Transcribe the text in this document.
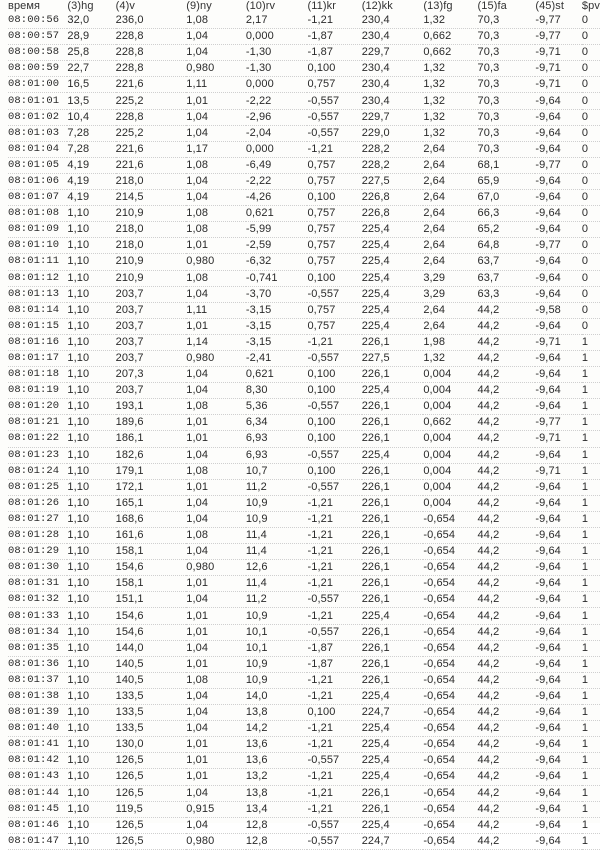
время	(3)hg	(4)v	(9)ny	(10)rv	(11)kr	(12)kk	(13)fg	(15)fa	(45)st	$pv
08:00:56	32,0	236,0	1,08	2,17	-1,21	230,4	1,32	70,3	-9,77	0
08:00:57	28,9	228,8	1,04	0,000	-1,87	230,4	0,662	70,3	-9,77	0
08:00:58	25,8	228,8	1,04	-1,30	-1,87	229,7	0,662	70,3	-9,71	0
08:00:59	22,7	228,8	0,980	-1,30	0,100	230,4	1,32	70,3	-9,71	0
08:01:00	16,5	221,6	1,11	0,000	0,757	230,4	1,32	70,3	-9,71	0
08:01:01	13,5	225,2	1,01	-2,22	-0,557	230,4	1,32	70,3	-9,64	0
08:01:02	10,4	228,8	1,04	-2,96	-0,557	229,7	1,32	70,3	-9,64	0
08:01:03	7,28	225,2	1,04	-2,04	-0,557	229,0	1,32	70,3	-9,64	0
08:01:04	7,28	221,6	1,17	0,000	-1,21	228,2	2,64	70,3	-9,64	0
08:01:05	4,19	221,6	1,08	-6,49	0,757	228,2	2,64	68,1	-9,77	0
08:01:06	4,19	218,0	1,04	-2,22	0,757	227,5	2,64	65,9	-9,64	0
08:01:07	4,19	214,5	1,04	-4,26	0,100	226,8	2,64	67,0	-9,64	0
08:01:08	1,10	210,9	1,08	0,621	0,757	226,8	2,64	66,3	-9,64	0
08:01:09	1,10	218,0	1,08	-5,99	0,757	225,4	2,64	65,2	-9,64	0
08:01:10	1,10	218,0	1,01	-2,59	0,757	225,4	2,64	64,8	-9,77	0
08:01:11	1,10	210,9	0,980	-6,32	0,757	225,4	2,64	63,7	-9,64	0
08:01:12	1,10	210,9	1,08	-0,741	0,100	225,4	3,29	63,7	-9,64	0
08:01:13	1,10	203,7	1,04	-3,70	-0,557	225,4	3,29	63,3	-9,64	0
08:01:14	1,10	203,7	1,11	-3,15	0,757	225,4	2,64	44,2	-9,58	0
08:01:15	1,10	203,7	1,01	-3,15	0,757	225,4	2,64	44,2	-9,64	0
08:01:16	1,10	203,7	1,14	-3,15	-1,21	226,1	1,98	44,2	-9,71	1
08:01:17	1,10	203,7	0,980	-2,41	-0,557	227,5	1,32	44,2	-9,64	1
08:01:18	1,10	207,3	1,04	0,621	0,100	226,1	0,004	44,2	-9,64	1
08:01:19	1,10	203,7	1,04	8,30	0,100	225,4	0,004	44,2	-9,64	1
08:01:20	1,10	193,1	1,08	5,36	-0,557	226,1	0,004	44,2	-9,64	1
08:01:21	1,10	189,6	1,01	6,34	0,100	226,1	0,662	44,2	-9,77	1
08:01:22	1,10	186,1	1,01	6,93	0,100	226,1	0,004	44,2	-9,71	1
08:01:23	1,10	182,6	1,04	6,93	-0,557	225,4	0,004	44,2	-9,64	1
08:01:24	1,10	179,1	1,08	10,7	0,100	226,1	0,004	44,2	-9,71	1
08:01:25	1,10	172,1	1,01	11,2	-0,557	226,1	0,004	44,2	-9,64	1
08:01:26	1,10	165,1	1,04	10,9	-1,21	226,1	0,004	44,2	-9,64	1
08:01:27	1,10	168,6	1,04	10,9	-1,21	226,1	-0,654	44,2	-9,64	1
08:01:28	1,10	161,6	1,08	11,4	-1,21	226,1	-0,654	44,2	-9,64	1
08:01:29	1,10	158,1	1,04	11,4	-1,21	226,1	-0,654	44,2	-9,64	1
08:01:30	1,10	154,6	0,980	12,6	-1,21	226,1	-0,654	44,2	-9,64	1
08:01:31	1,10	158,1	1,01	11,4	-1,21	226,1	-0,654	44,2	-9,64	1
08:01:32	1,10	151,1	1,04	11,2	-0,557	226,1	-0,654	44,2	-9,64	1
08:01:33	1,10	154,6	1,01	10,9	-1,21	225,4	-0,654	44,2	-9,64	1
08:01:34	1,10	154,6	1,01	10,1	-0,557	226,1	-0,654	44,2	-9,64	1
08:01:35	1,10	144,0	1,04	10,1	-1,87	226,1	-0,654	44,2	-9,64	1
08:01:36	1,10	140,5	1,01	10,9	-1,87	226,1	-0,654	44,2	-9,64	1
08:01:37	1,10	140,5	1,08	10,9	-1,21	226,1	-0,654	44,2	-9,64	1
08:01:38	1,10	133,5	1,04	14,0	-1,21	225,4	-0,654	44,2	-9,64	1
08:01:39	1,10	133,5	1,04	13,8	0,100	224,7	-0,654	44,2	-9,64	1
08:01:40	1,10	133,5	1,04	14,2	-1,21	225,4	-0,654	44,2	-9,64	1
08:01:41	1,10	130,0	1,01	13,6	-1,21	225,4	-0,654	44,2	-9,64	1
08:01:42	1,10	126,5	1,01	13,6	-0,557	225,4	-0,654	44,2	-9,64	1
08:01:43	1,10	126,5	1,01	13,2	-1,21	225,4	-0,654	44,2	-9,64	1
08:01:44	1,10	126,5	1,04	13,8	-1,21	226,1	-0,654	44,2	-9,64	1
08:01:45	1,10	119,5	0,915	13,4	-1,21	226,1	-0,654	44,2	-9,64	1
08:01:46	1,10	126,5	1,04	12,8	-0,557	225,4	-0,654	44,2	-9,64	1
08:01:47	1,10	126,5	0,980	12,8	-0,557	224,7	-0,654	44,2	-9,64	1
